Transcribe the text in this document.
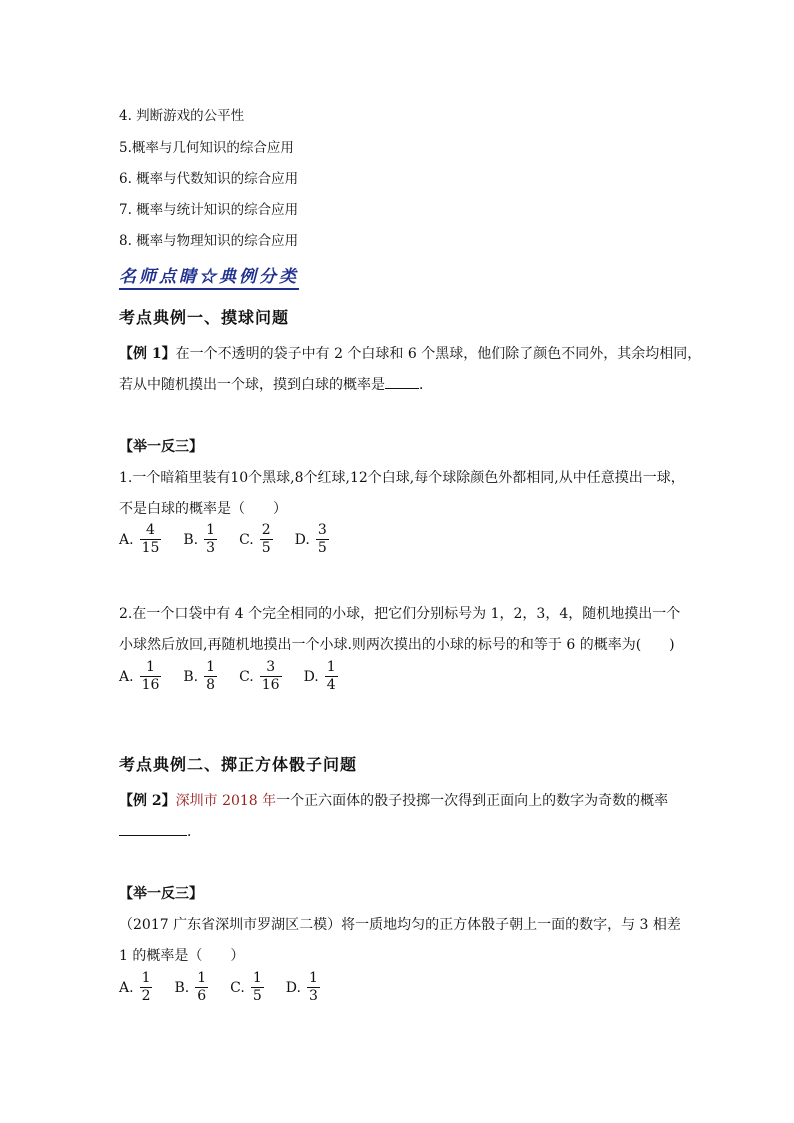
4. 判断游戏的公平性
5.概率与几何知识的综合应用
6. 概率与代数知识的综合应用
7. 概率与统计知识的综合应用
8. 概率与物理知识的综合应用
名师点睛☆典例分类
考点典例一、摸球问题
【例 1】在一个不透明的袋子中有 2 个白球和 6 个黑球，他们除了颜色不同外，其余均相同，
若从中随机摸出一个球，摸到白球的概率是 ．
【举一反三】
1.一个暗箱里装有10个黑球,8个红球,12个白球,每个球除颜色外都相同,从中任意摸出一球，
不是白球的概率是（　　）
A. $\frac{4}{15} B$. $\frac{1}{3} C$. $\frac{2}{5} D$. $\frac{3}{5}$
2.在一个口袋中有 4 个完全相同的小球，把它们分别标号为 1，2，3，4，随机地摸出一个
小球然后放回,再随机地摸出一个小球.则两次摸出的小球的标号的和等于 6 的概率为(　　)
A. $\frac{1}{16} B$. $\frac{1}{8} C$. $\frac{3}{16} D$. $\frac{1}{4}$
考点典例二、掷正方体骰子问题
【例 2】深圳市 2018 年一个正六面体的骰子投掷一次得到正面向上的数字为奇数的概率
．
【举一反三】
（2017 广东省深圳市罗湖区二模）将一质地均匀的正方体骰子朝上一面的数字，与 3 相差
1 的概率是（　　）
A. $\frac{1}{2} B$. $\frac{1}{6} C$. $\frac{1}{5} D$. $\frac{1}{3}$
